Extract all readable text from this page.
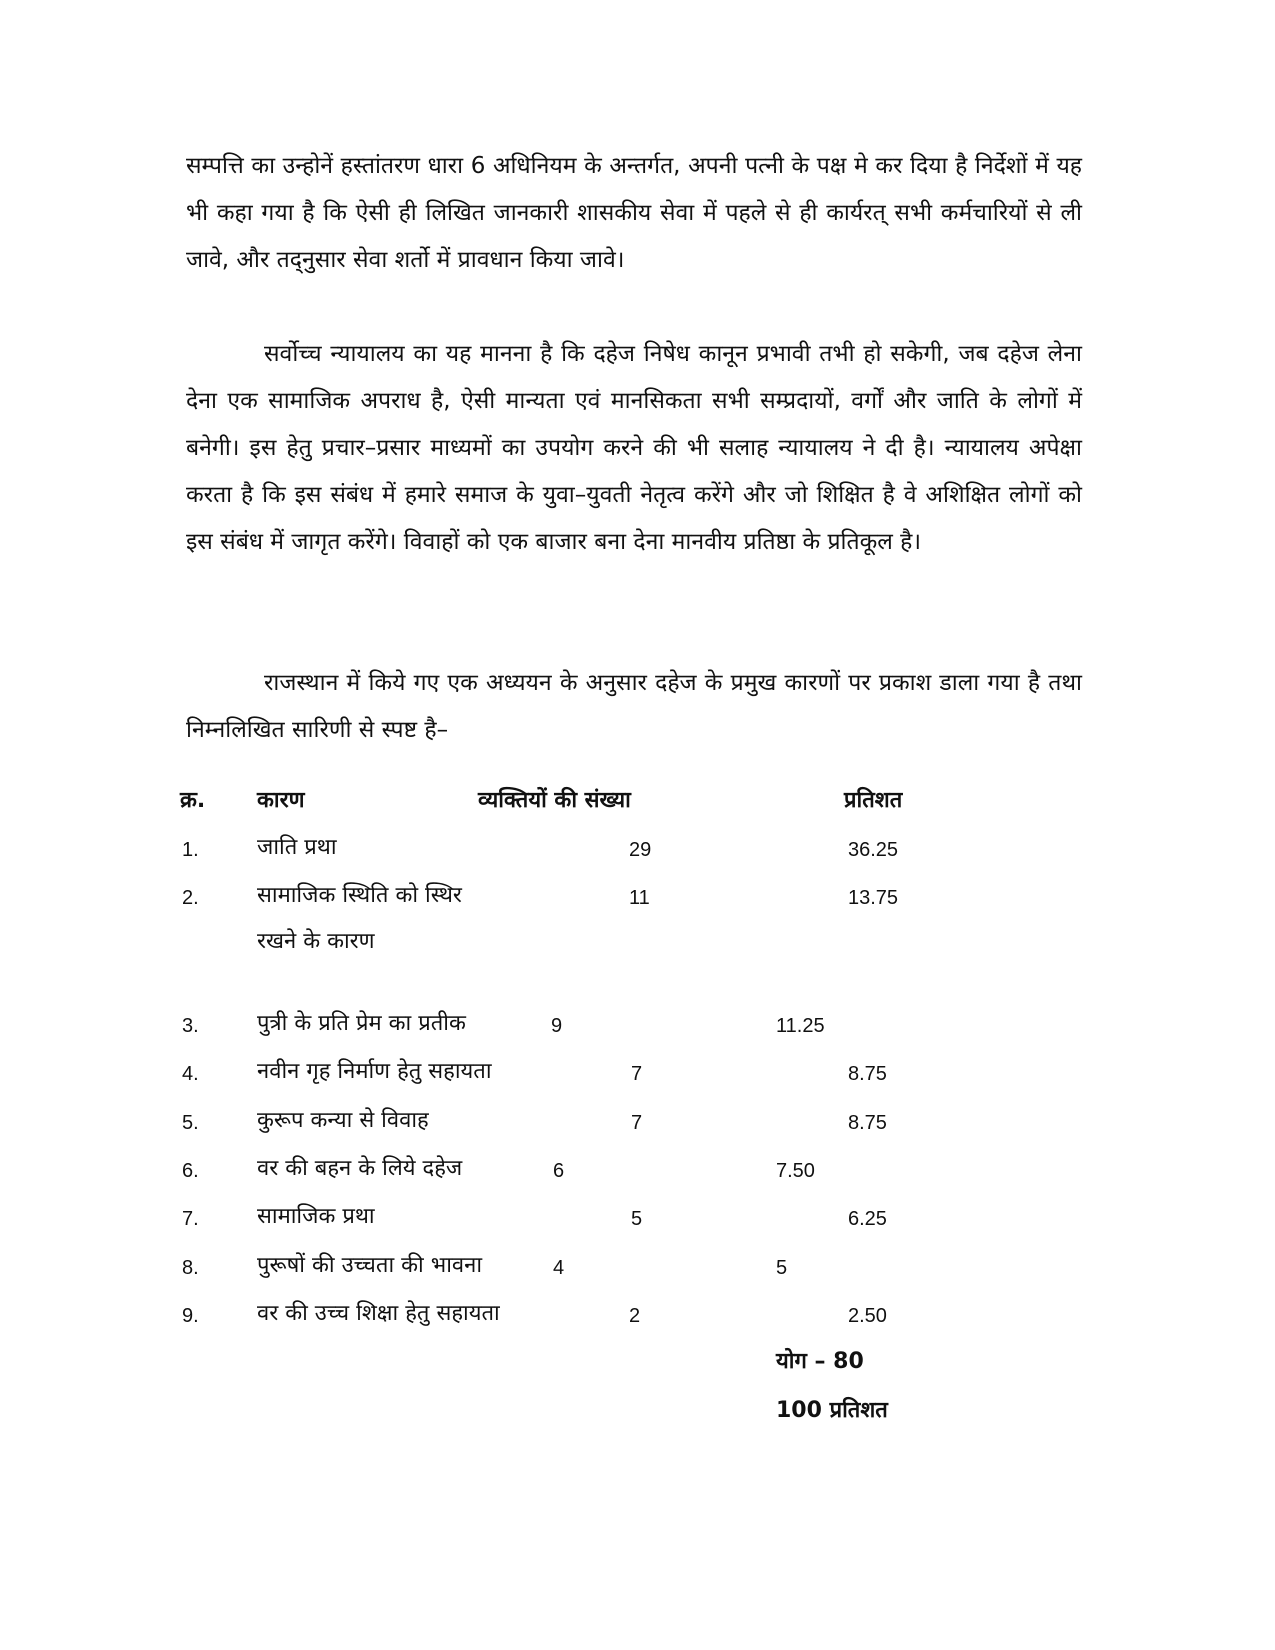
सम्पत्ति का उन्होनें हस्तांतरण धारा 6 अधिनियम के अन्तर्गत, अपनी पत्नी के पक्ष मे कर दिया है निर्देशों में यह भी कहा गया है कि ऐसी ही लिखित जानकारी शासकीय सेवा में पहले से ही कार्यरत् सभी कर्मचारियों से ली जावे, और तद्नुसार सेवा शर्तो में प्रावधान किया जावे।

सर्वोच्च न्यायालय का यह मानना है कि दहेज निषेध कानून प्रभावी तभी हो सकेगी, जब दहेज लेना देना एक सामाजिक अपराध है, ऐसी मान्यता एवं मानसिकता सभी सम्प्रदायों, वर्गों और जाति के लोगों में बनेगी। इस हेतु प्रचार–प्रसार माध्यमों का उपयोग करने की भी सलाह न्यायालय ने दी है। न्यायालय अपेक्षा करता है कि इस संबंध में हमारे समाज के युवा–युवती नेतृत्व करेंगे और जो शिक्षित है वे अशिक्षित लोगों को इस संबंध में जागृत करेंगे। विवाहों को एक बाजार बना देना मानवीय प्रतिष्ठा के प्रतिकूल है।

राजस्थान में किये गए एक अध्ययन के अनुसार दहेज के प्रमुख कारणों पर प्रकाश डाला गया है तथा निम्नलिखित सारिणी से स्पष्ट है–

क्र. कारण	व्यक्तियों की संख्या	प्रतिशत
1.	जाति प्रथा	29	36.25
2.	सामाजिक स्थिति को स्थिर	11	13.75
रखने के कारण
3.	पुत्री के प्रति प्रेम का प्रतीक	9	11.25
4.	नवीन गृह निर्माण हेतु सहायता	7	8.75
5.	कुरूप कन्या से विवाह	7	8.75
6.	वर की बहन के लिये दहेज	6	7.50
7.	सामाजिक प्रथा	5	6.25
8.	पुरूषों की उच्चता की भावना	4	5
9.	वर की उच्च शिक्षा हेतु सहायता	2	2.50
योग – 80
100 प्रतिशत
